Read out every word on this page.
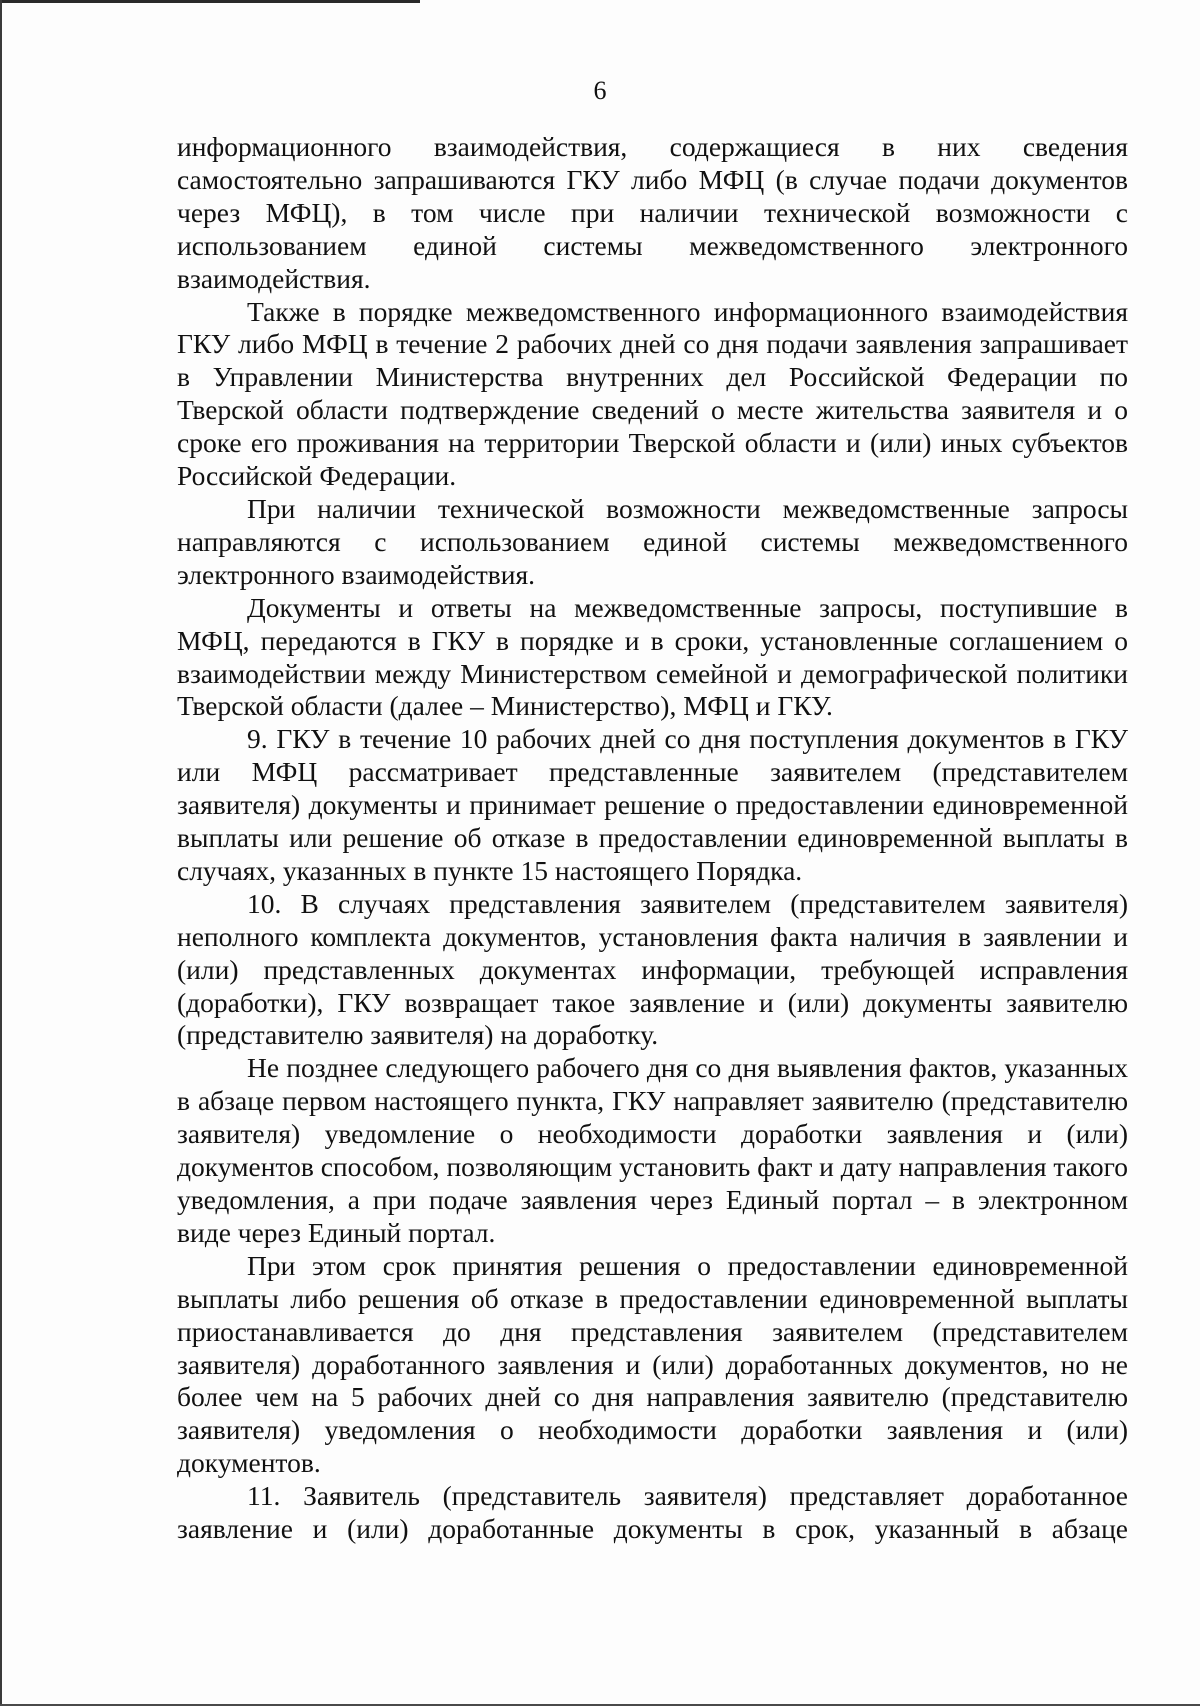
6

информационного взаимодействия, содержащиеся в них сведения самостоятельно запрашиваются ГКУ либо МФЦ (в случае подачи документов через МФЦ), в том числе при наличии технической возможности с использованием единой системы межведомственного электронного взаимодействия.

Также в порядке межведомственного информационного взаимодействия ГКУ либо МФЦ в течение 2 рабочих дней со дня подачи заявления запрашивает в Управлении Министерства внутренних дел Российской Федерации по Тверской области подтверждение сведений о месте жительства заявителя и о сроке его проживания на территории Тверской области и (или) иных субъектов Российской Федерации.

При наличии технической возможности межведомственные запросы направляются с использованием единой системы межведомственного электронного взаимодействия.

Документы и ответы на межведомственные запросы, поступившие в МФЦ, передаются в ГКУ в порядке и в сроки, установленные соглашением о взаимодействии между Министерством семейной и демографической политики Тверской области (далее – Министерство), МФЦ и ГКУ.

9. ГКУ в течение 10 рабочих дней со дня поступления документов в ГКУ или МФЦ рассматривает представленные заявителем (представителем заявителя) документы и принимает решение о предоставлении единовременной выплаты или решение об отказе в предоставлении единовременной выплаты в случаях, указанных в пункте 15 настоящего Порядка.

10. В случаях представления заявителем (представителем заявителя) неполного комплекта документов, установления факта наличия в заявлении и (или) представленных документах информации, требующей исправления (доработки), ГКУ возвращает такое заявление и (или) документы заявителю (представителю заявителя) на доработку.

Не позднее следующего рабочего дня со дня выявления фактов, указанных в абзаце первом настоящего пункта, ГКУ направляет заявителю (представителю заявителя) уведомление о необходимости доработки заявления и (или) документов способом, позволяющим установить факт и дату направления такого уведомления, а при подаче заявления через Единый портал – в электронном виде через Единый портал.

При этом срок принятия решения о предоставлении единовременной выплаты либо решения об отказе в предоставлении единовременной выплаты приостанавливается до дня представления заявителем (представителем заявителя) доработанного заявления и (или) доработанных документов, но не более чем на 5 рабочих дней со дня направления заявителю (представителю заявителя) уведомления о необходимости доработки заявления и (или) документов.

11. Заявитель (представитель заявителя) представляет доработанное заявление и (или) доработанные документы в срок, указанный в абзаце
